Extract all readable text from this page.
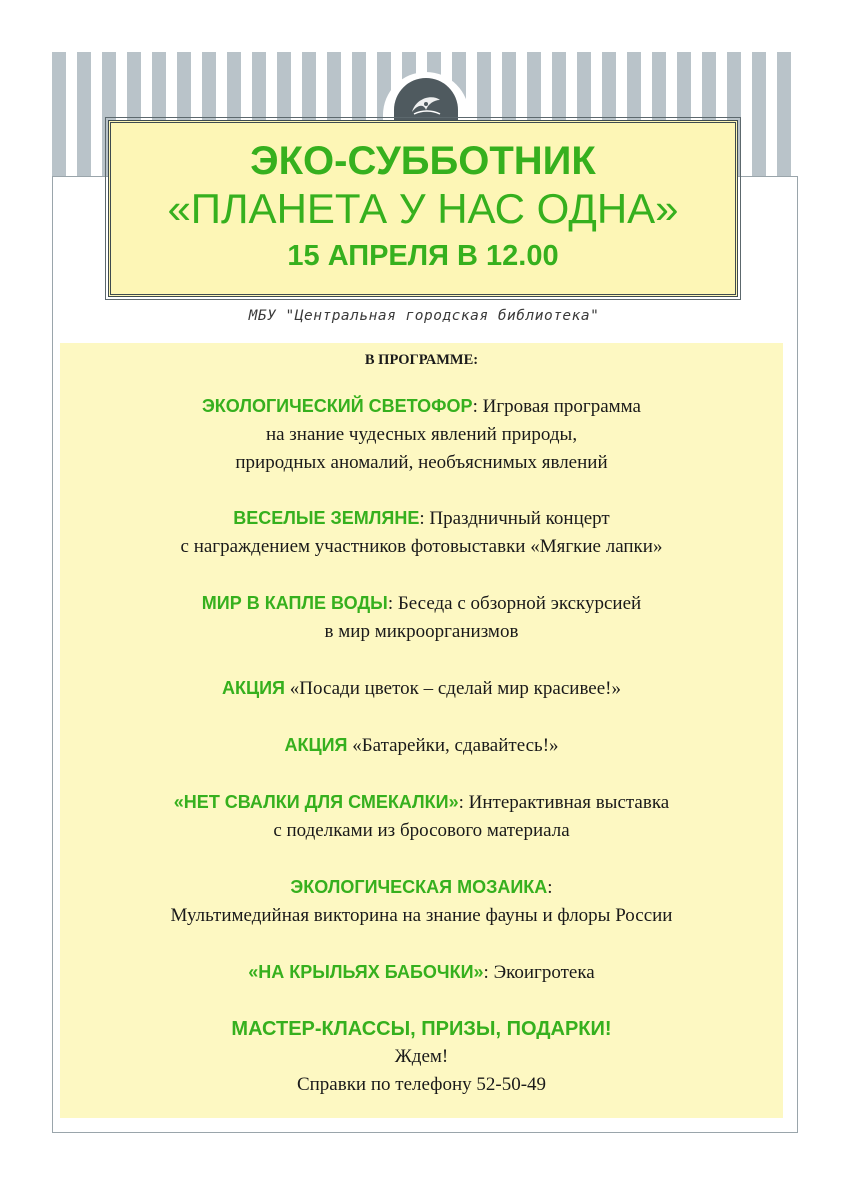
ЭКО-СУББОТНИК
«ПЛАНЕТА У НАС ОДНА»
15 АПРЕЛЯ В 12.00
МБУ "Центральная городская библиотека"
В ПРОГРАММЕ:
ЭКОЛОГИЧЕСКИЙ СВЕТОФОР: Игровая программа
на знание чудесных явлений природы,
природных аномалий, необъяснимых явлений
ВЕСЕЛЫЕ ЗЕМЛЯНЕ: Праздничный концерт
с награждением участников фотовыставки «Мягкие лапки»
МИР В КАПЛЕ ВОДЫ: Беседа с обзорной экскурсией
в мир микроорганизмов
АКЦИЯ «Посади цветок – сделай мир красивее!»
АКЦИЯ «Батарейки, сдавайтесь!»
«НЕТ СВАЛКИ ДЛЯ СМЕКАЛКИ»: Интерактивная выставка
с поделками из бросового материала
ЭКОЛОГИЧЕСКАЯ МОЗАИКА:
Мультимедийная викторина на знание фауны и флоры России
«НА КРЫЛЬЯХ БАБОЧКИ»: Экоигротека
МАСТЕР-КЛАССЫ, ПРИЗЫ, ПОДАРКИ!
Ждем!
Справки по телефону 52-50-49
